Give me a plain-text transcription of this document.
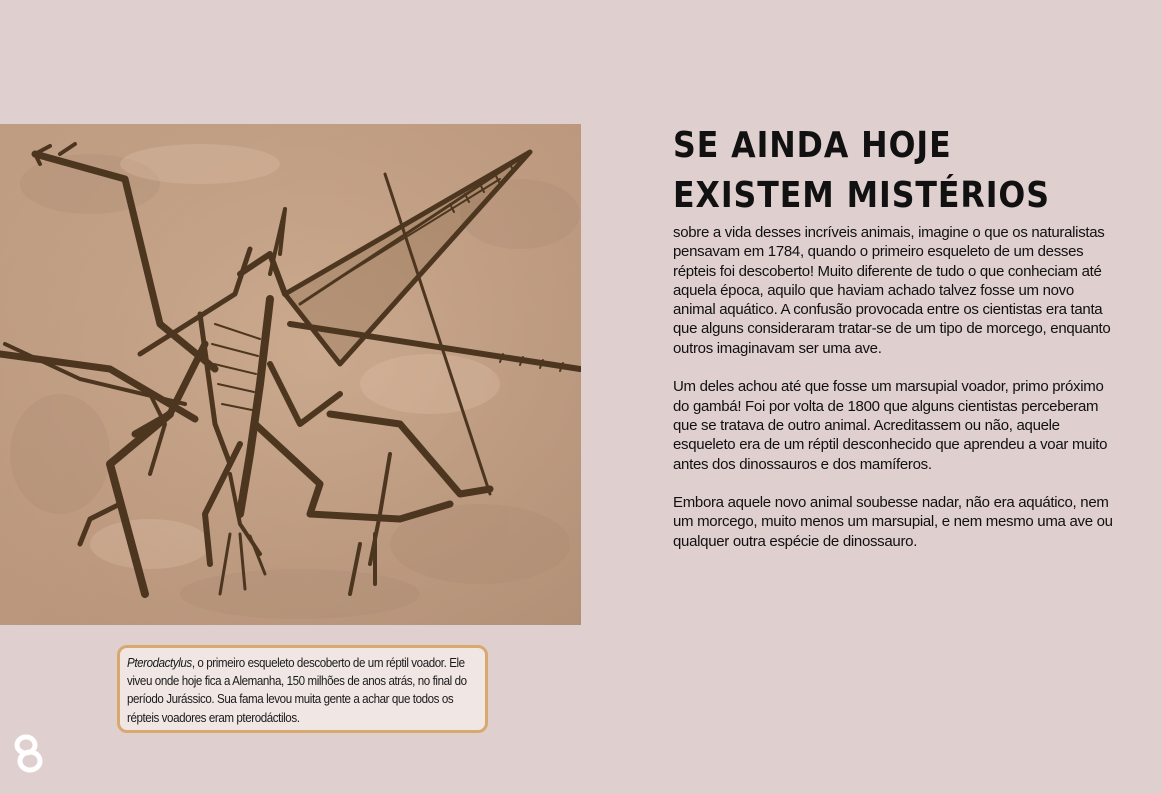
Pterodactylus, o primeiro esqueleto descoberto de um réptil voador. Ele viveu onde hoje fica a Alemanha, 150 milhões de anos atrás, no final do período Jurássico. Sua fama levou muita gente a achar que todos os répteis voadores eram pterodáctilos.
SE AINDA HOJE
EXISTEM MISTÉRIOS

sobre a vida desses incríveis animais, imagine o que os naturalistas pensavam em 1784, quando o primeiro esqueleto de um desses répteis foi descoberto! Muito diferente de tudo o que conheciam até aquela época, aquilo que haviam achado talvez fosse um novo animal aquático. A confusão provocada entre os cientistas era tanta que alguns consideraram tratar-se de um tipo de morcego, enquanto outros imaginavam ser uma ave.

Um deles achou até que fosse um marsupial voador, primo próximo do gambá! Foi por volta de 1800 que alguns cientistas perceberam que se tratava de outro animal. Acreditassem ou não, aquele esqueleto era de um réptil desconhecido que aprendeu a voar muito antes dos dinossauros e dos mamíferos.

Embora aquele novo animal soubesse nadar, não era aquático, nem um morcego, muito menos um marsupial, e nem mesmo uma ave ou qualquer outra espécie de dinossauro.
